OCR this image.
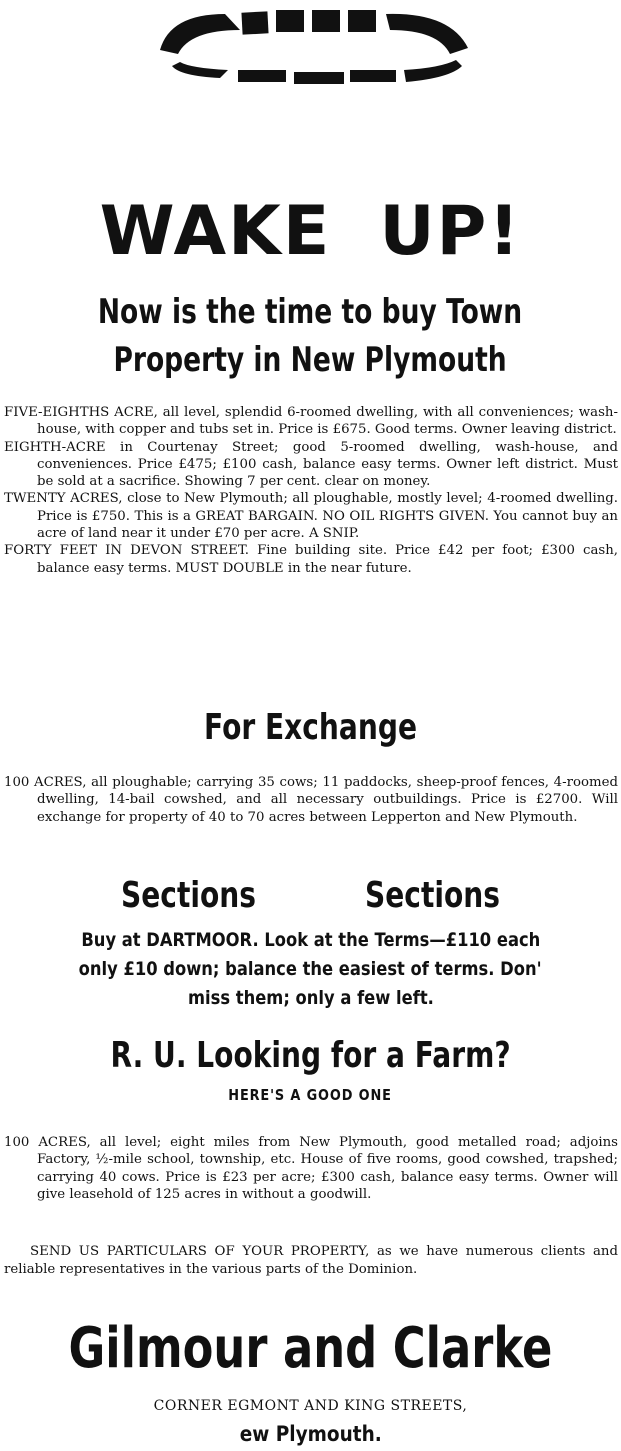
WAKE UP!
Now is the time to buy Town
Property in New Plymouth

FIVE-EIGHTHS ACRE, all level, splendid 6-roomed dwelling, with all conveniences; wash-house, with copper and tubs set in. Price is £675. Good terms. Owner leaving district.

EIGHTH-ACRE in Courtenay Street; good 5-roomed dwelling, wash-house, and conveniences. Price £475; £100 cash, balance easy terms. Owner left district. Must be sold at a sacrifice. Showing 7 per cent. clear on money.

TWENTY ACRES, close to New Plymouth; all ploughable, mostly level; 4-roomed dwelling. Price is £750. This is a GREAT BARGAIN. NO OIL RIGHTS GIVEN. You cannot buy an acre of land near it under £70 per acre. A SNIP.

FORTY FEET IN DEVON STREET. Fine building site. Price £42 per foot; £300 cash, balance easy terms. MUST DOUBLE in the near future.

For Exchange

100 ACRES, all ploughable; carrying 35 cows; 11 paddocks, sheep-proof fences, 4-roomed dwelling, 14-bail cowshed, and all necessary outbuildings. Price is £2700. Will exchange for property of 40 to 70 acres between Lepperton and New Plymouth.

Sections	Sections
Buy at DARTMOOR. Look at the Terms—£110 each
only £10 down; balance the easiest of terms. Don'
miss them; only a few left.
R. U. Looking for a Farm?
HERE'S A GOOD ONE

100 ACRES, all level; eight miles from New Plymouth, good metalled road; adjoins Factory, ½-mile school, township, etc. House of five rooms, good cowshed, trapshed; carrying 40 cows. Price is £23 per acre; £300 cash, balance easy terms. Owner will give leasehold of 125 acres in without a goodwill.

SEND US PARTICULARS OF YOUR PROPERTY, as we have numerous clients and reliable representatives in the various parts of the Dominion.

Gilmour and Clarke
CORNER EGMONT AND KING STREETS,
ew Plymouth.
